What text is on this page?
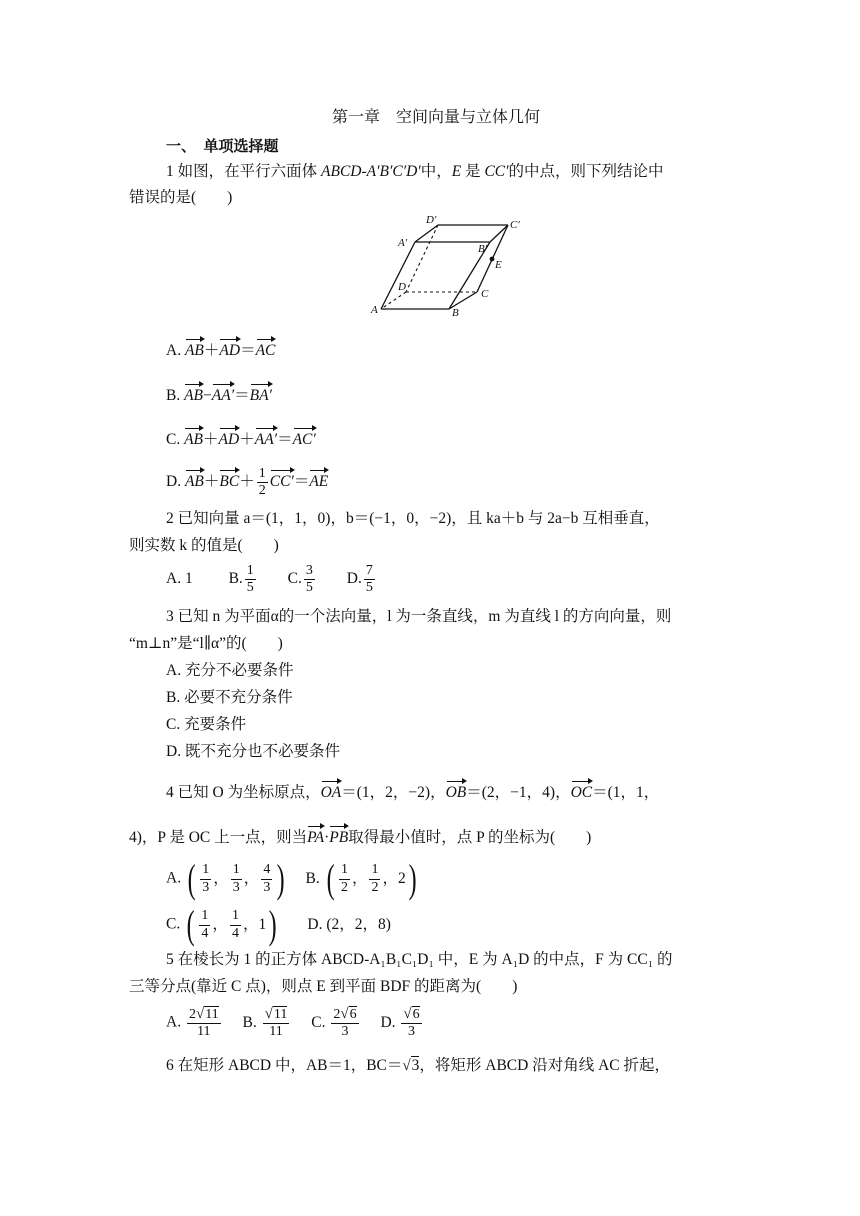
第一章　空间向量与立体几何
一、　单项选择题
1 如图，在平行六面体 ABCD-A′B′C′D′中，E 是 CC′的中点，则下列结论中
错误的是(　　)
D′	C′
A′	B′
E
D
C
A	B
A. AB＋AD＝AC
B. AB−AA′＝BA′
C. AB＋AD＋AA′＝AC′
D. $AB+BC+ \frac{1}{2} CC'=AE$
2 已知向量 a＝(1，1，0)，b＝(−1，0，−2)，且 ka＋b 与 2a−b 互相垂直，
则实数 k 的值是(　　)
A. 1 B. $\frac{1}{5} C$. $\frac{3}{5} D$. $\frac{7}{5}$
3 已知 n 为平面α的一个法向量，l 为一条直线，m 为直线 l 的方向向量，则
“m⊥n”是“l∥α”的(　　)
A. 充分不必要条件
B. 必要不充分条件
C. 充要条件
D. 既不充分也不必要条件
4 已知 O 为坐标原点，OA＝(1，2，−2)，OB＝(2，−1，4)，OC＝(1，1，
4)，P 是 OC 上一点，则当PA·PB取得最小值时，点 P 的坐标为(　　)
A. ( $\frac{1}{3}$ ， $\frac{1}{3}$ ， $\frac{4}{3}$ ) B. ( $\frac{1}{2}$ ， $\frac{1}{2}$ ，2 )
C. ( $\frac{1}{4}$ ， $\frac{1}{4}$ ，1 ) D. (2，2，8)
5 在棱长为 1 的正方体 ABCD-A₁B₁C₁D₁ 中，E 为 A₁D 的中点，F 为 CC₁ 的
三等分点(靠近 C 点)，则点 E 到平面 BDF 的距离为(　　)
A. $\frac{2√11}{11} B$. $\frac{√11}{11} C$. $\frac{2√6}{3} D$. $\frac{√6}{3}$
6 在矩形 ABCD 中，AB＝1，BC＝√3，将矩形 ABCD 沿对角线 AC 折起，
